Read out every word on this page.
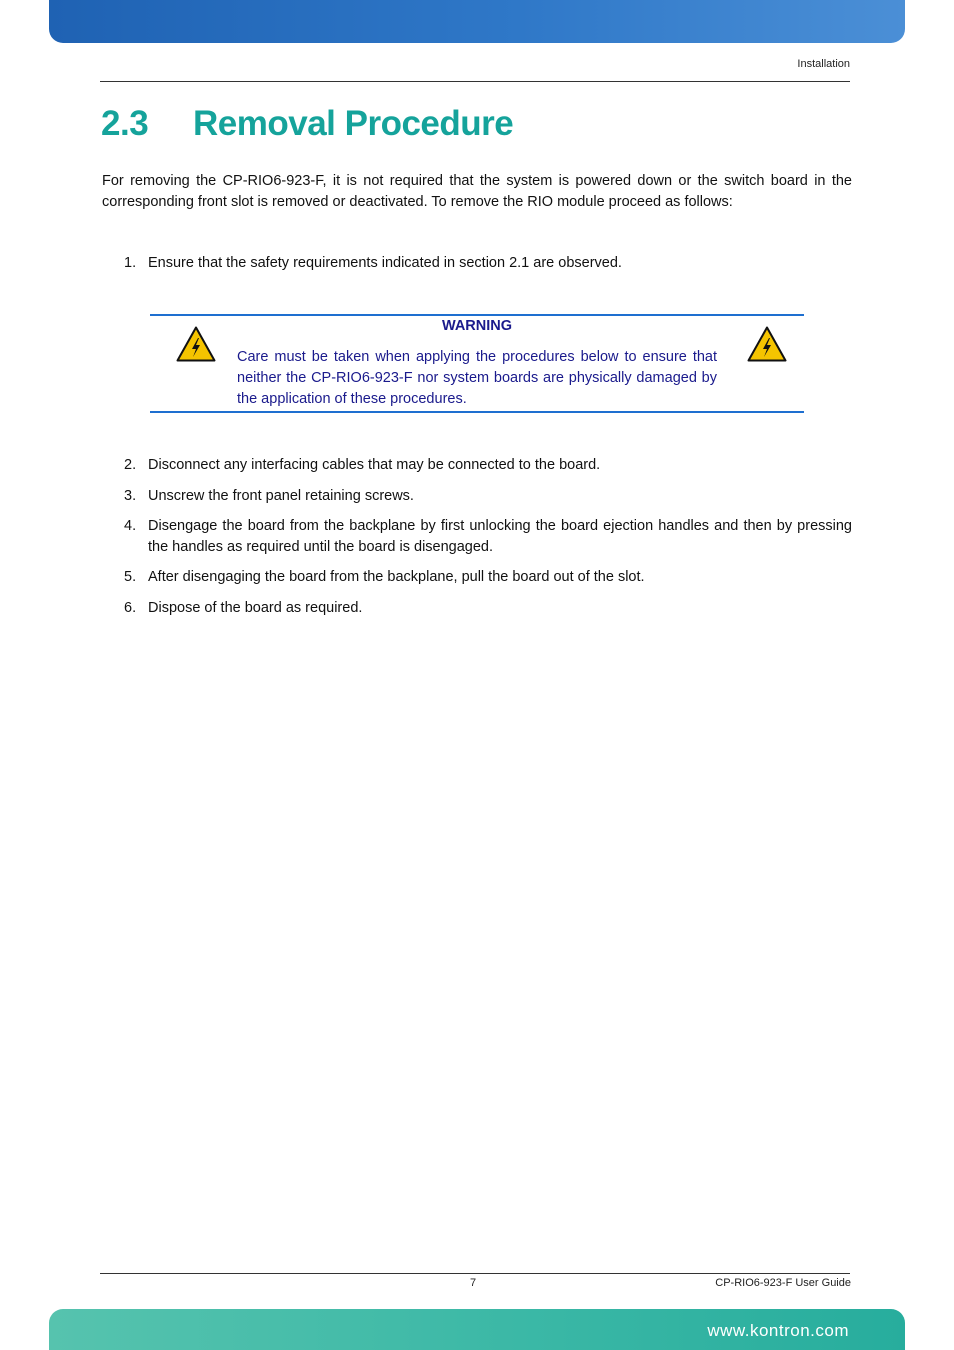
Installation
2.3 Removal Procedure
For removing the CP-RIO6-923-F, it is not required that the system is powered down or the switch board in the corresponding front slot is removed or deactivated. To remove the RIO module proceed as follows:
1. Ensure that the safety requirements indicated in section 2.1 are observed.
WARNING
Care must be taken when applying the procedures below to ensure that neither the CP-RIO6-923-F nor system boards are physically damaged by the application of these procedures.
2. Disconnect any interfacing cables that may be connected to the board.
3. Unscrew the front panel retaining screws.
4. Disengage the board from the backplane by first unlocking the board ejection handles and then by pressing the handles as required until the board is disengaged.
5. After disengaging the board from the backplane, pull the board out of the slot.
6. Dispose of the board as required.
7	CP-RIO6-923-F User Guide
www.kontron.com
